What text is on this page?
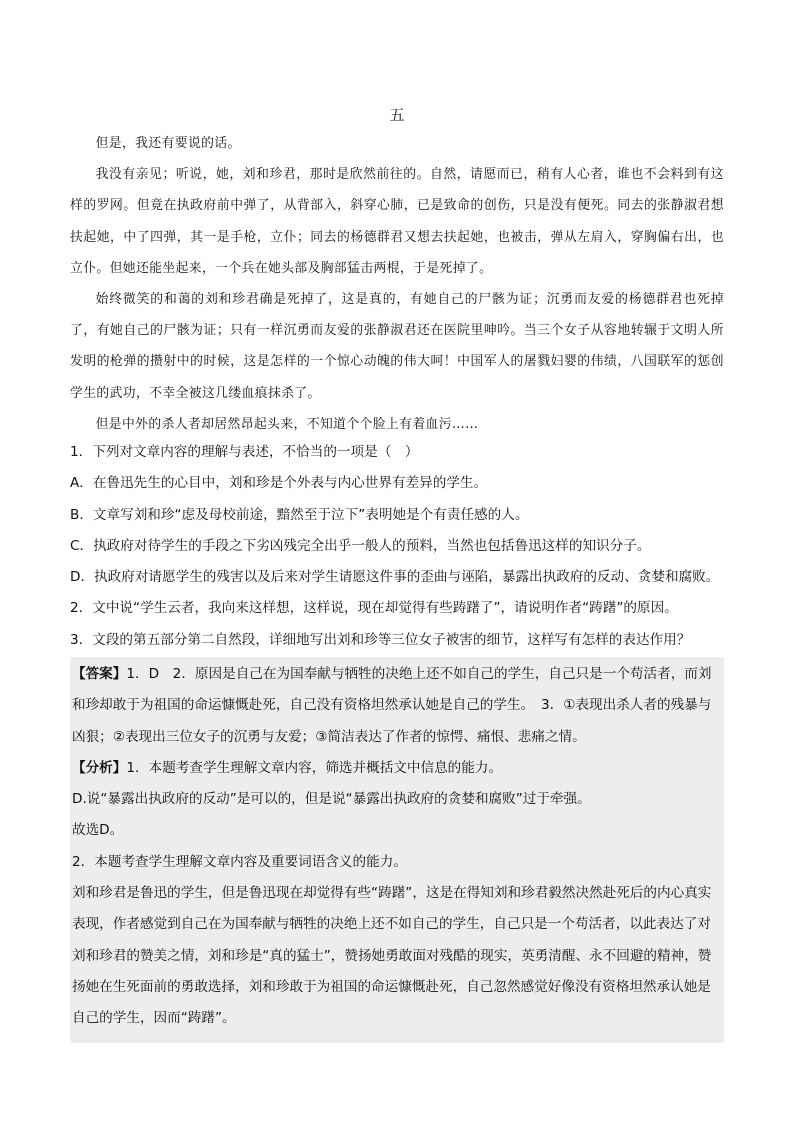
五

但是，我还有要说的话。

我没有亲见；听说，她，刘和珍君，那时是欣然前往的。自然，请愿而已，稍有人心者，谁也不会料到有这样的罗网。但竟在执政府前中弹了，从背部入，斜穿心肺，已是致命的创伤，只是没有便死。同去的张静淑君想扶起她，中了四弹，其一是手枪，立仆；同去的杨德群君又想去扶起她，也被击，弹从左肩入，穿胸偏右出，也立仆。但她还能坐起来，一个兵在她头部及胸部猛击两棍，于是死掉了。

始终微笑的和蔼的刘和珍君确是死掉了，这是真的，有她自己的尸骸为证；沉勇而友爱的杨德群君也死掉了，有她自己的尸骸为证；只有一样沉勇而友爱的张静淑君还在医院里呻吟。当三个女子从容地转辗于文明人所发明的枪弹的攒射中的时候，这是怎样的一个惊心动魄的伟大呵！中国军人的屠戮妇婴的伟绩，八国联军的惩创学生的武功，不幸全被这几缕血痕抹杀了。

但是中外的杀人者却居然昂起头来，不知道个个脸上有着血污……

1．下列对文章内容的理解与表述，不恰当的一项是（　）

A．在鲁迅先生的心目中，刘和珍是个外表与内心世界有差异的学生。

B．文章写刘和珍“虑及母校前途，黯然至于泣下”表明她是个有责任感的人。

C．执政府对待学生的手段之下劣凶残完全出乎一般人的预料，当然也包括鲁迅这样的知识分子。

D．执政府对请愿学生的残害以及后来对学生请愿这件事的歪曲与诬陷，暴露出执政府的反动、贪婪和腐败。

2．文中说“学生云者，我向来这样想，这样说，现在却觉得有些踌躇了”，请说明作者“踌躇”的原因。

3．文段的第五部分第二自然段，详细地写出刘和珍等三位女子被害的细节，这样写有怎样的表达作用？

【答案】1．D　2．原因是自己在为国奉献与牺牲的决绝上还不如自己的学生，自己只是一个苟活者，而刘和珍却敢于为祖国的命运慷慨赴死，自己没有资格坦然承认她是自己的学生。　3．①表现出杀人者的残暴与凶狠；②表现出三位女子的沉勇与友爱；③简洁表达了作者的惊愕、痛恨、悲痛之情。

【分析】1．本题考查学生理解文章内容，筛选并概括文中信息的能力。

D.说“暴露出执政府的反动”是可以的，但是说“暴露出执政府的贪婪和腐败”过于牵强。

故选D。

2．本题考查学生理解文章内容及重要词语含义的能力。

刘和珍君是鲁迅的学生，但是鲁迅现在却觉得有些“踌躇”，这是在得知刘和珍君毅然决然赴死后的内心真实表现，作者感觉到自己在为国奉献与牺牲的决绝上还不如自己的学生，自己只是一个苟活者，以此表达了对刘和珍君的赞美之情，刘和珍是“真的猛士”，赞扬她勇敢面对残酷的现实，英勇清醒、永不回避的精神，赞扬她在生死面前的勇敢选择，刘和珍敢于为祖国的命运慷慨赴死，自己忽然感觉好像没有资格坦然承认她是自己的学生，因而“踌躇”。
